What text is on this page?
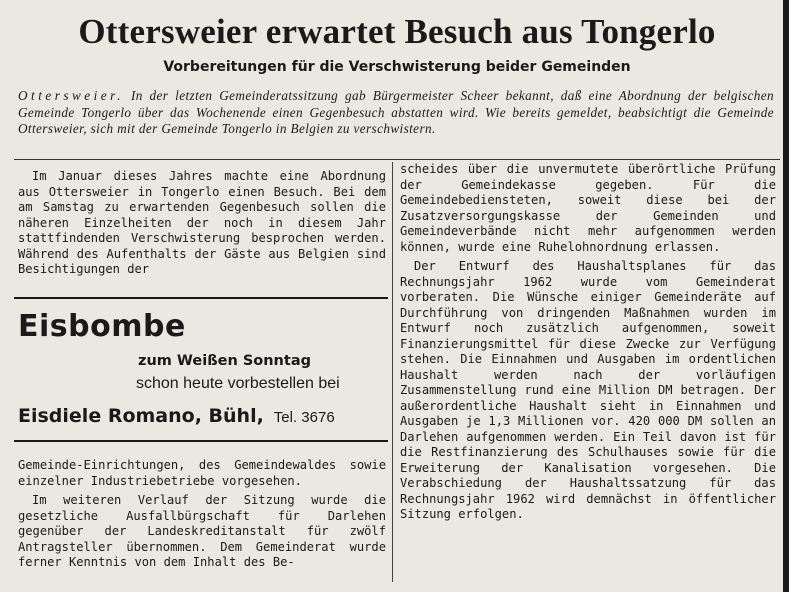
Ottersweier erwartet Besuch aus Tongerlo
Vorbereitungen für die Verschwisterung beider Gemeinden

Ottersweier. In der letzten Gemeinderatssitzung gab Bürgermeister Scheer bekannt, daß eine Abordnung der belgischen Gemeinde Tongerlo über das Wochenende einen Gegenbesuch abstatten wird. Wie bereits gemeldet, beabsichtigt die Gemeinde Ottersweier, sich mit der Gemeinde Tongerlo in Belgien zu verschwistern.

Im Januar dieses Jahres machte eine Abordnung aus Ottersweier in Tongerlo einen Besuch. Bei dem am Samstag zu erwartenden Gegenbesuch sollen die näheren Einzelheiten der noch in diesem Jahr stattfindenden Verschwisterung besprochen werden. Während des Aufenthalts der Gäste aus Belgien sind Besichtigungen der

Eisbombe
zum Weißen Sonntag
schon heute vorbestellen bei
Eisdiele Romano, Bühl, Tel. 3676

Gemeinde-Einrichtungen, des Gemeindewaldes sowie einzelner Industriebetriebe vorgesehen.

Im weiteren Verlauf der Sitzung wurde die gesetzliche Ausfallbürgschaft für Darlehen gegenüber der Landeskreditanstalt für zwölf Antragsteller übernommen. Dem Gemeinderat wurde ferner Kenntnis von dem Inhalt des Be-

scheides über die unvermutete überörtliche Prüfung der Gemeindekasse gegeben. Für die Gemeindebediensteten, soweit diese bei der Zusatzversorgungskasse der Gemeinden und Gemeindeverbände nicht mehr aufgenommen werden können, wurde eine Ruhelohnordnung erlassen.

Der Entwurf des Haushaltsplanes für das Rechnungsjahr 1962 wurde vom Gemeinderat vorberaten. Die Wünsche einiger Gemeinderäte auf Durchführung von dringenden Maßnahmen wurden im Entwurf noch zusätzlich aufgenommen, soweit Finanzierungsmittel für diese Zwecke zur Verfügung stehen. Die Einnahmen und Ausgaben im ordentlichen Haushalt werden nach der vorläufigen Zusammenstellung rund eine Million DM betragen. Der außerordentliche Haushalt sieht in Einnahmen und Ausgaben je 1,3 Millionen vor. 420 000 DM sollen an Darlehen aufgenommen werden. Ein Teil davon ist für die Restfinanzierung des Schulhauses sowie für die Erweiterung der Kanalisation vorgesehen. Die Verabschiedung der Haushaltssatzung für das Rechnungsjahr 1962 wird demnächst in öffentlicher Sitzung erfolgen.
